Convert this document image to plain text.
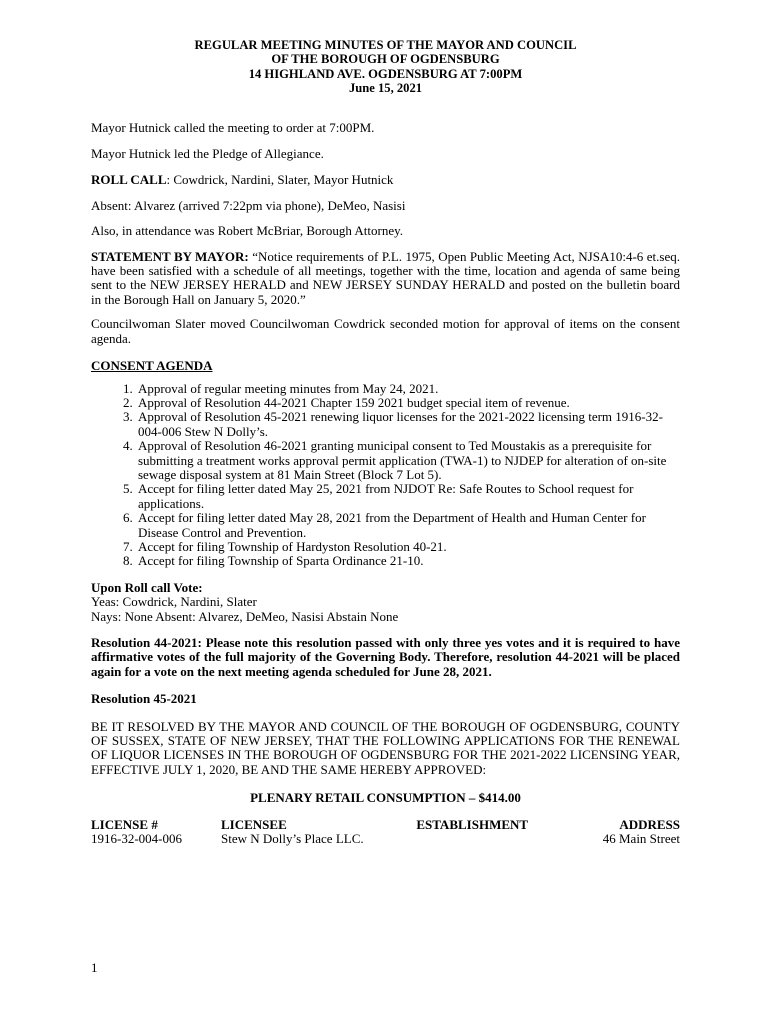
REGULAR MEETING MINUTES OF THE MAYOR AND COUNCIL
OF THE BOROUGH OF OGDENSBURG
14 HIGHLAND AVE. OGDENSBURG AT 7:00PM
June 15, 2021

Mayor Hutnick called the meeting to order at 7:00PM.

Mayor Hutnick led the Pledge of Allegiance.

ROLL CALL: Cowdrick, Nardini, Slater, Mayor Hutnick

Absent: Alvarez (arrived 7:22pm via phone), DeMeo, Nasisi

Also, in attendance was Robert McBriar, Borough Attorney.

STATEMENT BY MAYOR: “Notice requirements of P.L. 1975, Open Public Meeting Act, NJSA10:4-6 et.seq. have been satisfied with a schedule of all meetings, together with the time, location and agenda of same being sent to the NEW JERSEY HERALD and NEW JERSEY SUNDAY HERALD and posted on the bulletin board in the Borough Hall on January 5, 2020.”

Councilwoman Slater moved Councilwoman Cowdrick seconded motion for approval of items on the consent agenda.

CONSENT AGENDA

1. Approval of regular meeting minutes from May 24, 2021.
2. Approval of Resolution 44-2021 Chapter 159 2021 budget special item of revenue.
3. Approval of Resolution 45-2021 renewing liquor licenses for the 2021-2022 licensing term 1916-32-004-006 Stew N Dolly’s.
4. Approval of Resolution 46-2021 granting municipal consent to Ted Moustakis as a prerequisite for submitting a treatment works approval permit application (TWA-1) to NJDEP for alteration of on-site sewage disposal system at 81 Main Street (Block 7 Lot 5).
5. Accept for filing letter dated May 25, 2021 from NJDOT Re: Safe Routes to School request for applications.
6. Accept for filing letter dated May 28, 2021 from the Department of Health and Human Center for Disease Control and Prevention.
7. Accept for filing Township of Hardyston Resolution 40-21.
8. Accept for filing Township of Sparta Ordinance 21-10.

Upon Roll call Vote:

Yeas: Cowdrick, Nardini, Slater

Nays: None Absent: Alvarez, DeMeo, Nasisi Abstain None

Resolution 44-2021: Please note this resolution passed with only three yes votes and it is required to have affirmative votes of the full majority of the Governing Body. Therefore, resolution 44-2021 will be placed again for a vote on the next meeting agenda scheduled for June 28, 2021.

Resolution 45-2021

BE IT RESOLVED BY THE MAYOR AND COUNCIL OF THE BOROUGH OF OGDENSBURG, COUNTY OF SUSSEX, STATE OF NEW JERSEY, THAT THE FOLLOWING APPLICATIONS FOR THE RENEWAL OF LIQUOR LICENSES IN THE BOROUGH OF OGDENSBURG FOR THE 2021-2022 LICENSING YEAR, EFFECTIVE JULY 1, 2020, BE AND THE SAME HEREBY APPROVED:

PLENARY RETAIL CONSUMPTION – $414.00

LICENSE #	LICENSEE	ESTABLISHMENT	ADDRESS
1916-32-004-006	Stew N Dolly’s Place LLC.		46 Main Street
1
